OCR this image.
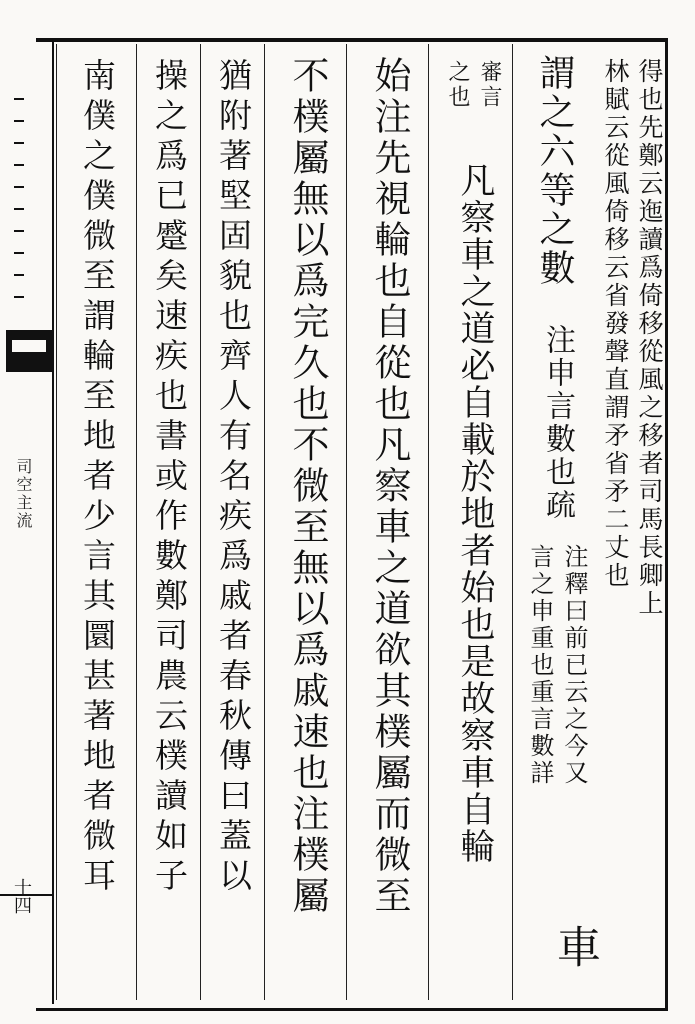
司空主流
十四
得也先鄭云迤讀爲倚移從風之移者司馬長卿上
林賦云從風倚移云省發聲直謂矛省矛二丈也
謂之六等之數
注申言數也疏
注釋曰前已云之今又
言之申重也重言數詳
車
審言
之也
凡察車之道必自載於地者始也是故察車自輪
始注先視輪也自從也凡察車之道欲其樸屬而微至
不樸屬無以爲完久也不微至無以爲戚速也注樸屬
猶附著堅固貌也齊人有名疾爲戚者春秋傳曰蓋以
操之爲已蹙矣速疾也書或作數鄭司農云樸讀如子
南僕之僕微至謂輪至地者少言其圜甚著地者微耳
